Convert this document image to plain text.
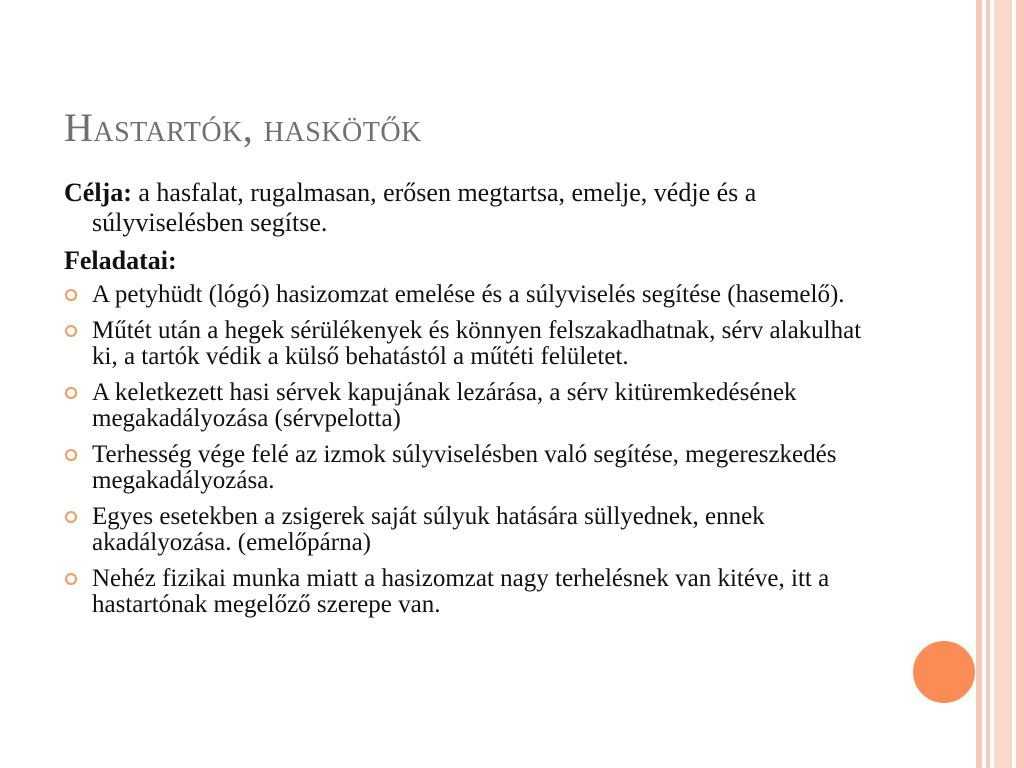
Hastartók, haskötők

Célja: a hasfalat, rugalmasan, erősen megtartsa, emelje, védje és a súlyviselésben segítse.

Feladatai:

A petyhüdt (lógó) hasizomzat emelése és a súlyviselés segítése (hasemelő).
Műtét után a hegek sérülékenyek és könnyen felszakadhatnak, sérv alakulhat ki, a tartók védik a külső behatástól a műtéti felületet.
A keletkezett hasi sérvek kapujának lezárása, a sérv kitüremkedésének megakadályozása (sérvpelotta)
Terhesség vége felé az izmok súlyviselésben való segítése, megereszkedés megakadályozása.
Egyes esetekben a zsigerek saját súlyuk hatására süllyednek, ennek akadályozása. (emelőpárna)
Nehéz fizikai munka miatt a hasizomzat nagy terhelésnek van kitéve, itt a hastartónak megelőző szerepe van.
